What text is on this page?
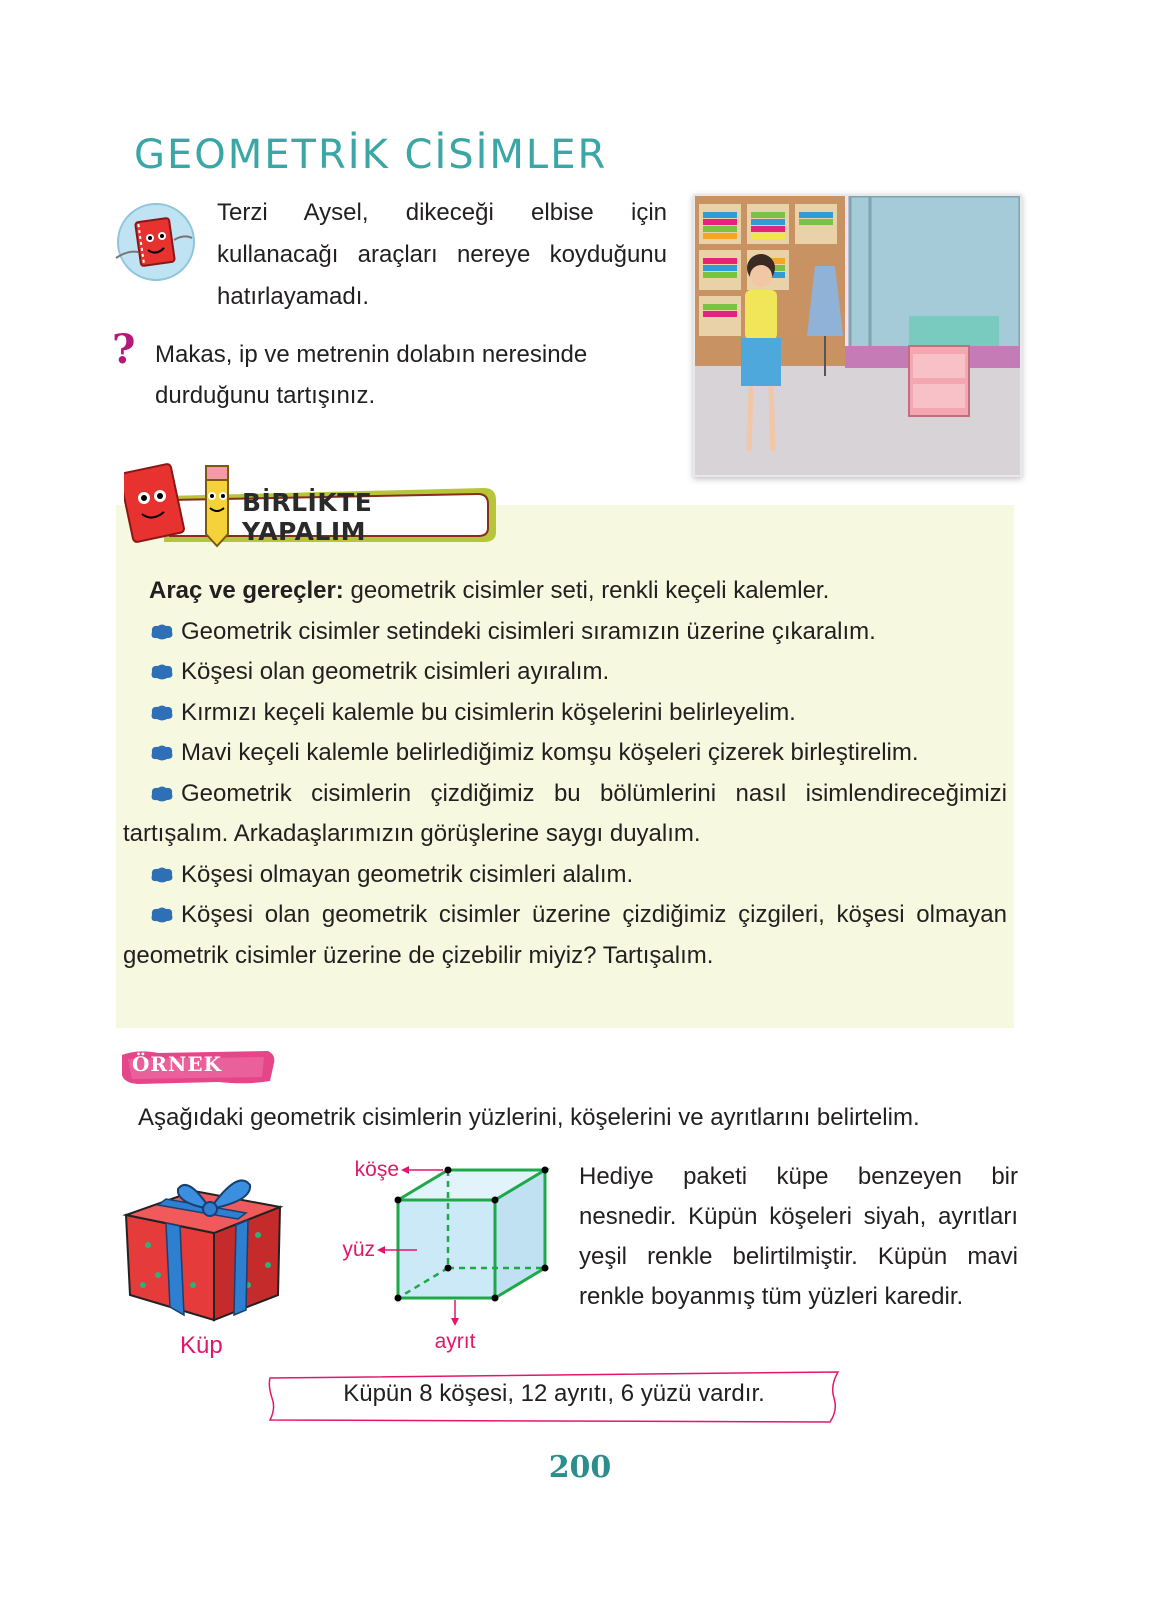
GEOMETRİK CİSİMLER
Terzi Aysel, dikeceği elbise için kullanacağı araçları nereye koyduğunu hatırlayamadı.
? Makas, ip ve metrenin dolabın neresinde durduğunu tartışınız.
BİRLİKTE YAPALIM

Araç ve gereçler: geometrik cisimler seti, renkli keçeli kalemler.

Geometrik cisimler setindeki cisimleri sıramızın üzerine çıkaralım.

Köşesi olan geometrik cisimleri ayıralım.

Kırmızı keçeli kalemle bu cisimlerin köşelerini belirleyelim.

Mavi keçeli kalemle belirlediğimiz komşu köşeleri çizerek birleştirelim.

Geometrik cisimlerin çizdiğimiz bu bölümlerini nasıl isimlendireceğimizi tartışalım. Arkadaşlarımızın görüşlerine saygı duyalım.

Köşesi olmayan geometrik cisimleri alalım.

Köşesi olan geometrik cisimler üzerine çizdiğimiz çizgileri, köşesi olmayan geometrik cisimler üzerine de çizebilir miyiz? Tartışalım.

ÖRNEK
Aşağıdaki geometrik cisimlerin yüzlerini, köşelerini ve ayrıtlarını belirtelim.
Küp
köşe
yüz
ayrıt
Hediye paketi küpe benzeyen bir nesnedir. Küpün köşeleri siyah, ayrıtları yeşil renkle belirtilmiştir. Küpün mavi renkle boyanmış tüm yüzleri karedir.
Küpün 8 köşesi, 12 ayrıtı, 6 yüzü vardır.
200
